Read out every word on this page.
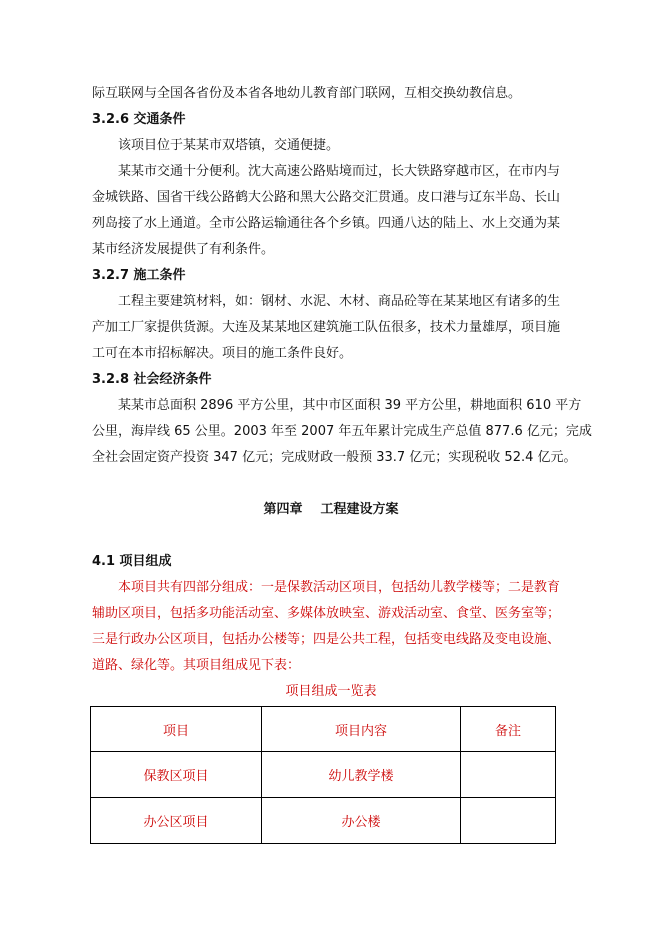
际互联网与全国各省份及本省各地幼儿教育部门联网，互相交换幼教信息。
3.2.6 交通条件
该项目位于某某市双塔镇，交通便捷。
某某市交通十分便利。沈大高速公路贴境而过，长大铁路穿越市区，在市内与
金城铁路、国省干线公路鹤大公路和黑大公路交汇贯通。皮口港与辽东半岛、长山
列岛接了水上通道。全市公路运输通往各个乡镇。四通八达的陆上、水上交通为某
某市经济发展提供了有利条件。
3.2.7 施工条件
工程主要建筑材料，如：钢材、水泥、木材、商品砼等在某某地区有诸多的生
产加工厂家提供货源。大连及某某地区建筑施工队伍很多，技术力量雄厚，项目施
工可在本市招标解决。项目的施工条件良好。
3.2.8 社会经济条件
某某市总面积 2896 平方公里，其中市区面积 39 平方公里，耕地面积 610 平方
公里，海岸线 65 公里。2003 年至 2007 年五年累计完成生产总值 877.6 亿元；完成
全社会固定资产投资 347 亿元；完成财政一般预 33.7 亿元；实现税收 52.4 亿元。
第四章 工程建设方案
4.1 项目组成
本项目共有四部分组成：一是保教活动区项目，包括幼儿教学楼等；二是教育
辅助区项目，包括多功能活动室、多媒体放映室、游戏活动室、食堂、医务室等；
三是行政办公区项目，包括办公楼等；四是公共工程，包括变电线路及变电设施、
道路、绿化等。其项目组成见下表：
项目组成一览表
项目	项目内容	备注
保教区项目	幼儿教学楼	
办公区项目	办公楼	
